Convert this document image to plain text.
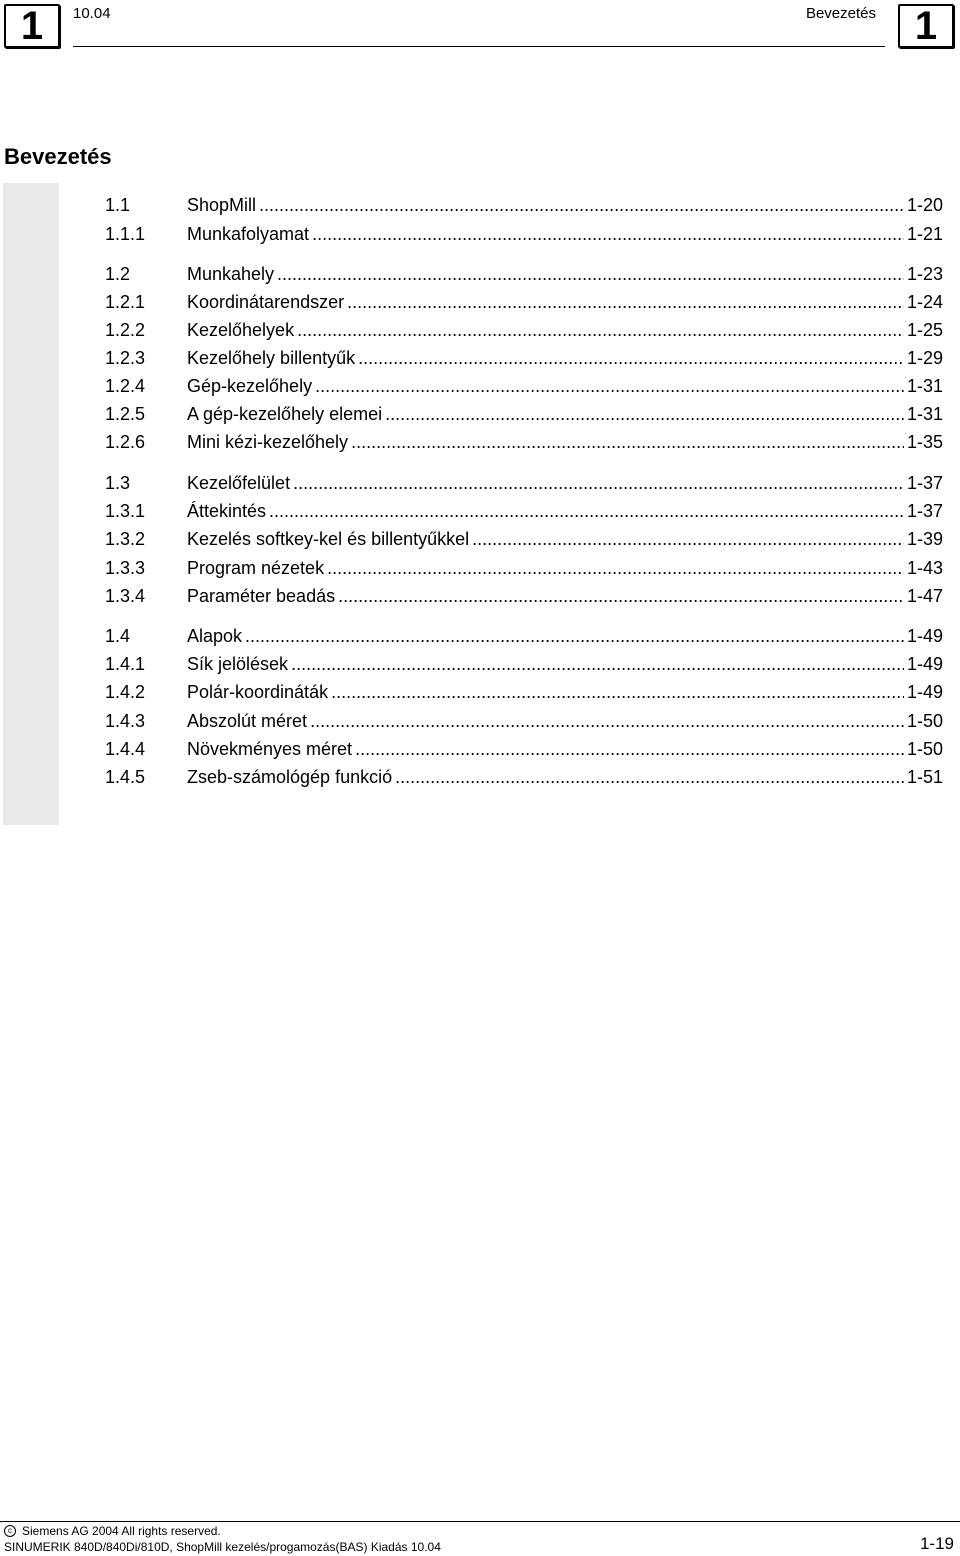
1	10.04	Bevezetés 1
Bevezetés
1.1	ShopMill .....	1-20
1.1.1	Munkafolyamat .....	1-21
1.2	Munkahely .....	1-23
1.2.1	Koordinátarendszer .....	1-24
1.2.2	Kezelőhelyek .....	1-25
1.2.3	Kezelőhely billentyűk .....	1-29
1.2.4	Gép-kezelőhely .....	1-31
1.2.5	A gép-kezelőhely elemei .....	1-31
1.2.6	Mini kézi-kezelőhely .....	1-35
1.3	Kezelőfelület .....	1-37
1.3.1	Áttekintés .....	1-37
1.3.2	Kezelés softkey-kel és billentyűkkel .....	1-39
1.3.3	Program nézetek .....	1-43
1.3.4	Paraméter beadás .....	1-47
1.4	Alapok .....	1-49
1.4.1	Sík jelölések .....	1-49
1.4.2	Polár-koordináták .....	1-49
1.4.3	Abszolút méret .....	1-50
1.4.4	Növekményes méret .....	1-50
1.4.5	Zseb-számológép funkció .....	1-51
c Siemens AG 2004 All rights reserved.
SINUMERIK 840D/840Di/810D, ShopMill kezelés/progamozás(BAS) Kiadás 10.04	1-19
